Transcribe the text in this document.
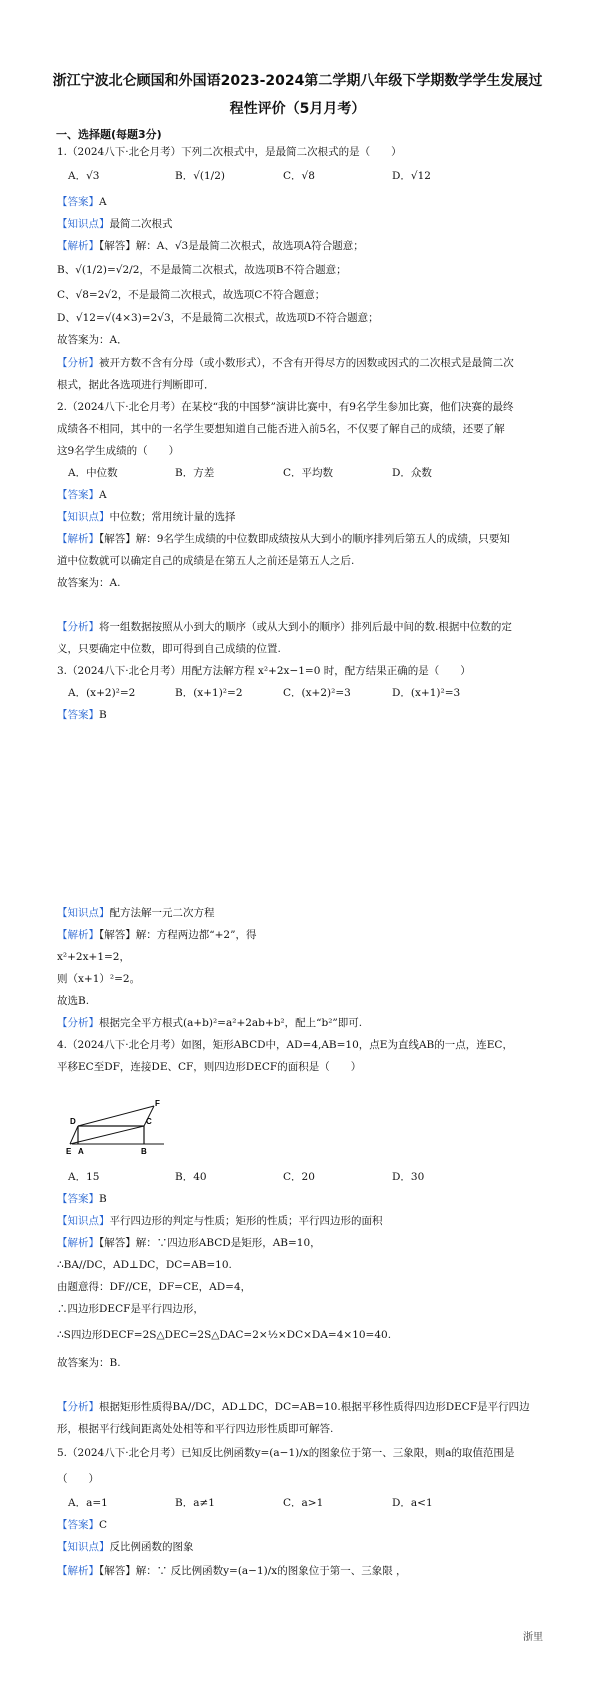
浙江宁波北仑顾国和外国语2023-2024第二学期八年级下学期数学学生发展过
程性评价（5月月考）
一、选择题(每题3分)
1.（2024八下·北仑月考）下列二次根式中，是最简二次根式的是（　　）
A．√3	B．√(1/2)	C．√8	D．√12
【答案】A
【知识点】最简二次根式
【解析】【解答】解：A、√3是最简二次根式，故选项A符合题意；
B、√(1/2)=√2/2，不是最简二次根式，故选项B不符合题意；
C、√8=2√2，不是最简二次根式，故选项C不符合题意；
D、√12=√(4×3)=2√3，不是最简二次根式，故选项D不符合题意；
故答案为：A．
【分析】被开方数不含有分母（或小数形式），不含有开得尽方的因数或因式的二次根式是最简二次
根式，据此各选项进行判断即可．
2.（2024八下·北仑月考）在某校“我的中国梦”演讲比赛中，有9名学生参加比赛，他们决赛的最终
成绩各不相同，其中的一名学生要想知道自己能否进入前5名，不仅要了解自己的成绩，还要了解
这9名学生成绩的（　　）
A．中位数	B．方差	C．平均数	D．众数
【答案】A
【知识点】中位数；常用统计量的选择
【解析】【解答】解：9名学生成绩的中位数即成绩按从大到小的顺序排列后第五人的成绩，只要知
道中位数就可以确定自己的成绩是在第五人之前还是第五人之后.
故答案为：A.
【分析】将一组数据按照从小到大的顺序（或从大到小的顺序）排列后最中间的数.根据中位数的定
义，只要确定中位数，即可得到自己成绩的位置.
3.（2024八下·北仑月考）用配方法解方程 x²+2x−1=0 时，配方结果正确的是（　　）
A．(x+2)²=2	B．(x+1)²=2	C．(x+2)²=3	D．(x+1)²=3
【答案】B
【知识点】配方法解一元二次方程
【解析】【解答】解：方程两边都“+2”，得
x²+2x+1=2，
则（x+1）²=2。
故选B.
【分析】根据完全平方根式(a+b)²=a²+2ab+b²，配上“b²”即可.
4.（2024八下·北仑月考）如图，矩形ABCD中，AD=4,AB=10，点E为直线AB的一点，连EC，
平移EC至DF，连接DE、CF，则四边形DECF的面积是（　　）
D	C
F
E A	B
A．15	B．40	C．20	D．30
【答案】B
【知识点】平行四边形的判定与性质；矩形的性质；平行四边形的面积
【解析】【解答】解：∵四边形ABCD是矩形，AB=10，
∴BA//DC，AD⊥DC，DC=AB=10.
由题意得：DF//CE，DF=CE，AD=4，
∴四边形DECF是平行四边形，
∴S四边形DECF=2S△DEC=2S△DAC=2×½×DC×DA=4×10=40.
故答案为：B.
【分析】根据矩形性质得BA//DC，AD⊥DC，DC=AB=10.根据平移性质得四边形DECF是平行四边
形，根据平行线间距离处处相等和平行四边形性质即可解答.
5.（2024八下·北仑月考）已知反比例函数y=(a−1)/x的图象位于第一、三象限，则a的取值范围是
（　　）
A．a=1	B．a≠1	C．a>1	D．a<1
【答案】C
【知识点】反比例函数的图象
【解析】【解答】解：∵ 反比例函数y=(a−1)/x的图象位于第一、三象限 ，
浙里
